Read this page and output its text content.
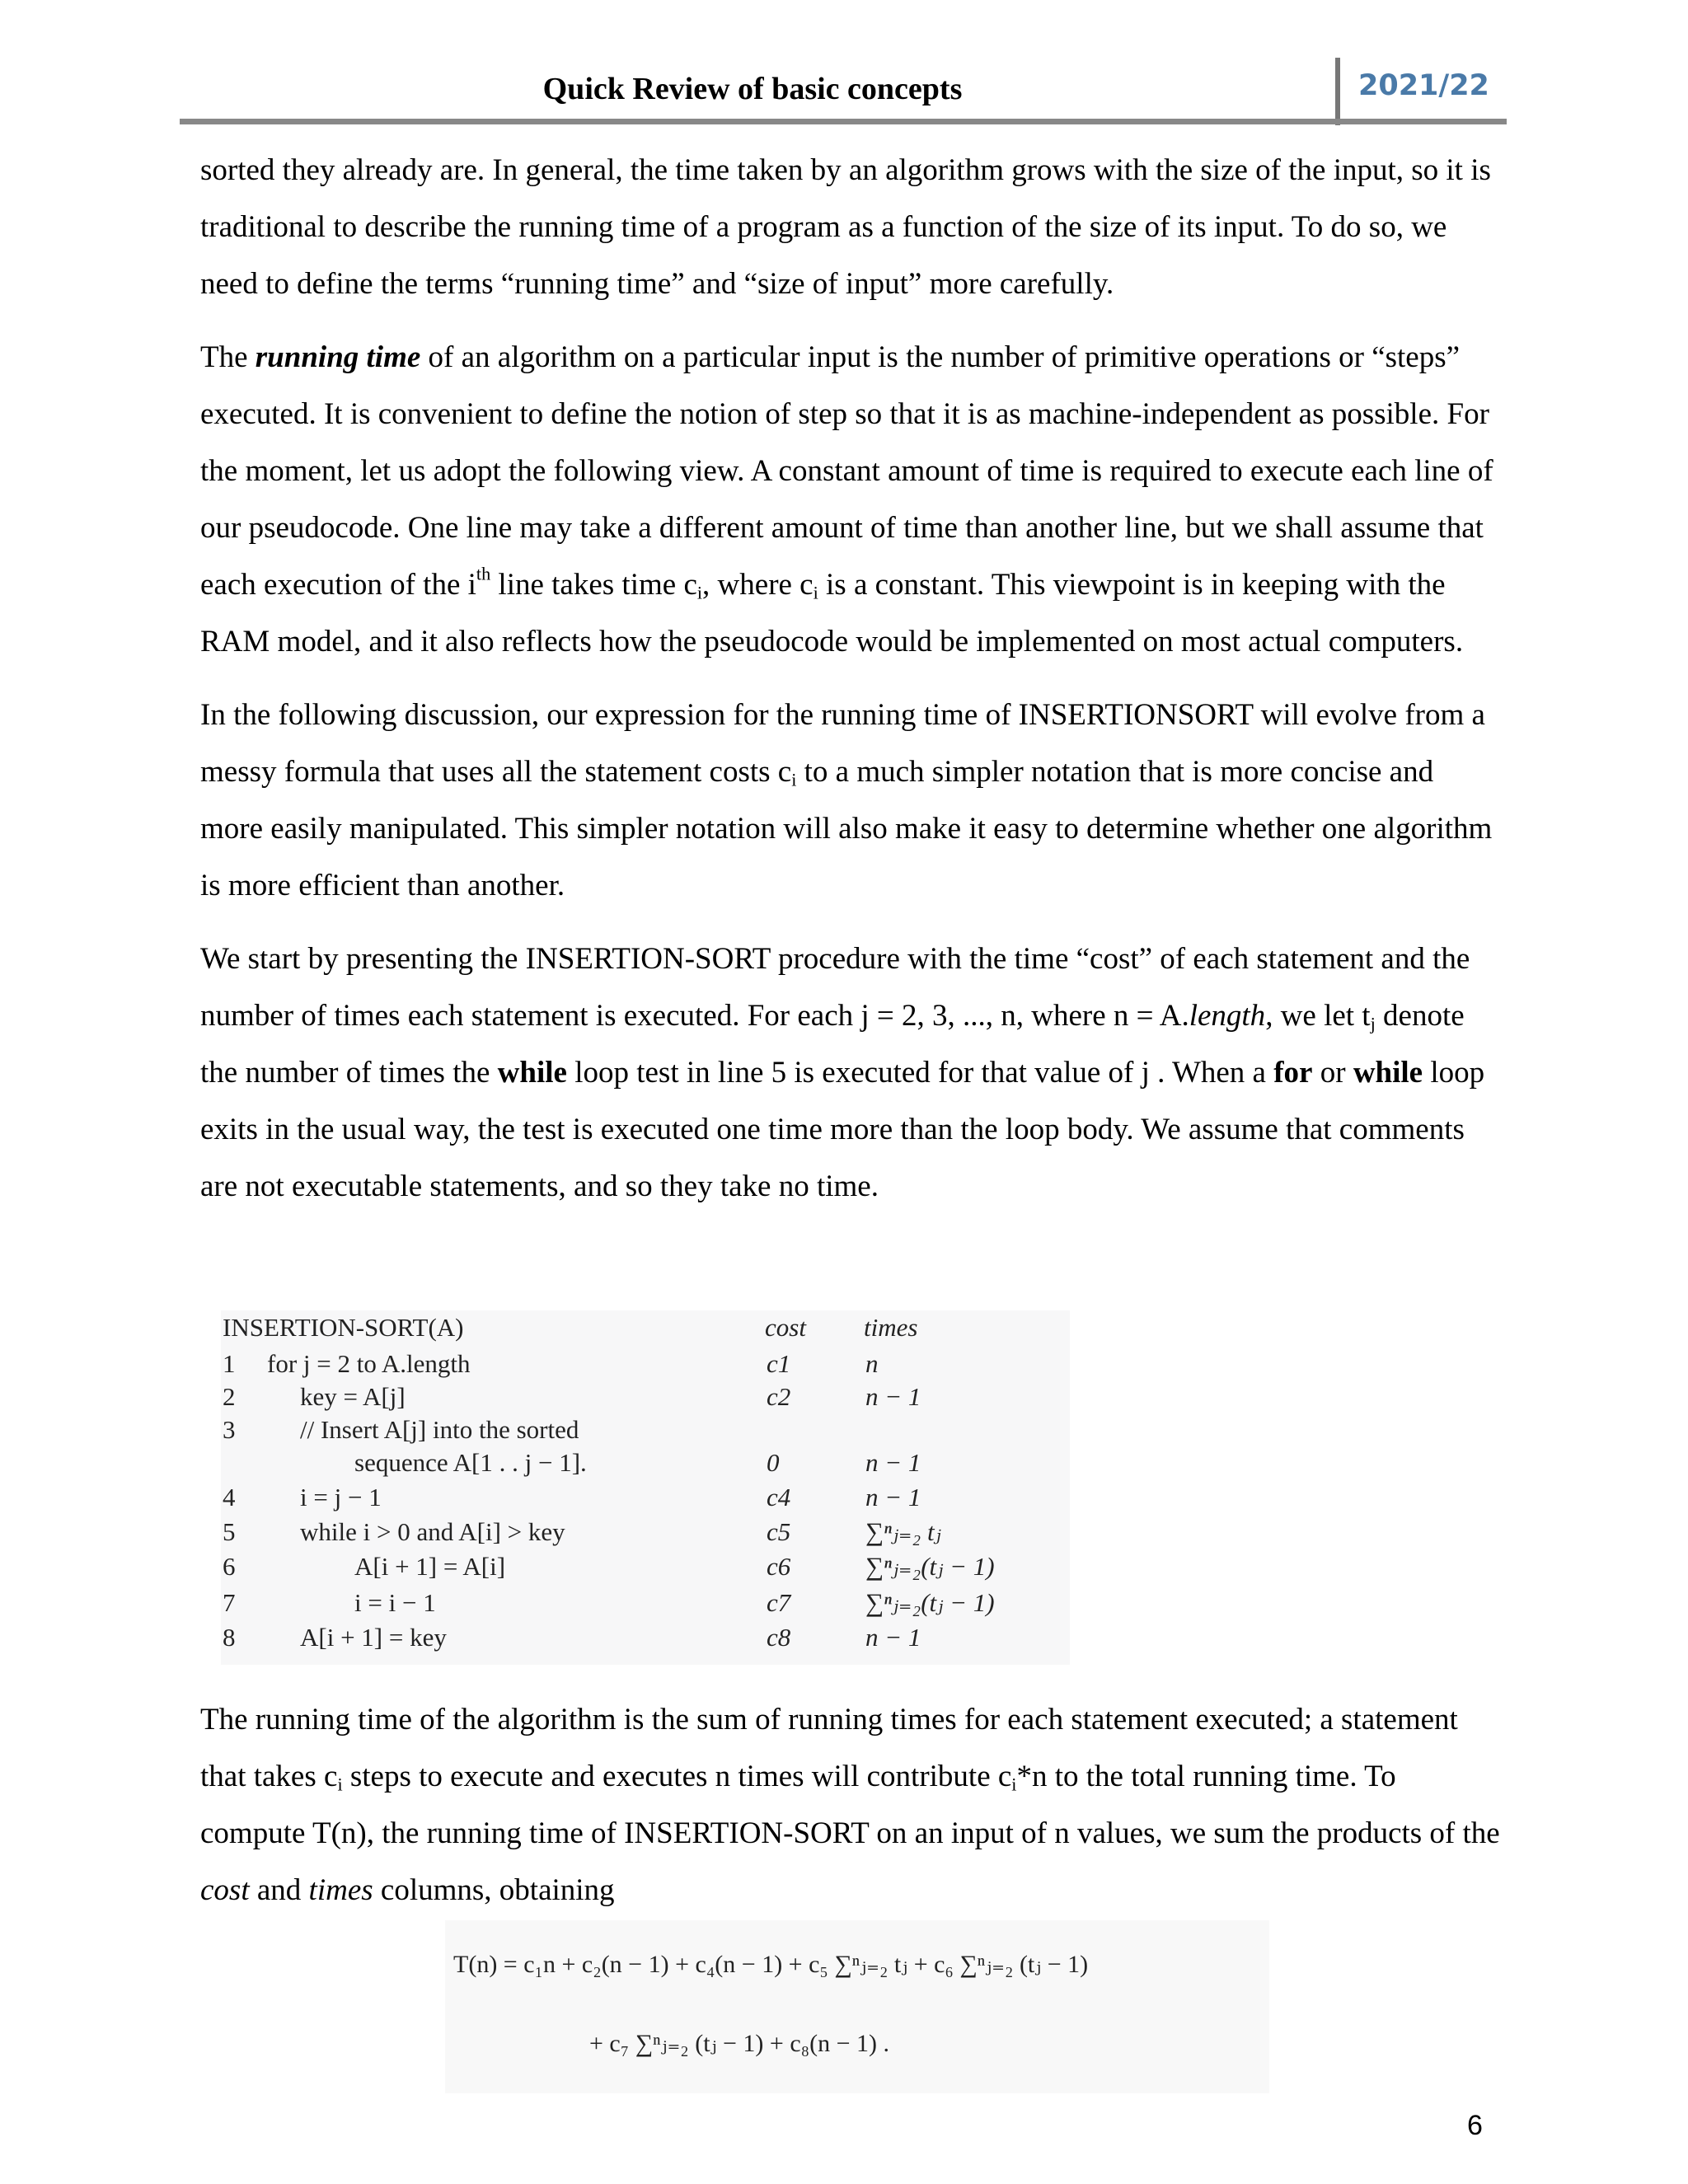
Quick Review of basic concepts	2021/22

sorted they already are. In general, the time taken by an algorithm grows with the size of the input, so it is traditional to describe the running time of a program as a function of the size of its input. To do so, we need to define the terms “running time” and “size of input” more carefully.

The running time of an algorithm on a particular input is the number of primitive operations or “steps” executed. It is convenient to define the notion of step so that it is as machine-independent as possible. For the moment, let us adopt the following view. A constant amount of time is required to execute each line of our pseudocode. One line may take a different amount of time than another line, but we shall assume that each execution of the $i^{th}$ line takes time $c_i$, where $c_i$ is a constant. This viewpoint is in keeping with the RAM model, and it also reflects how the pseudocode would be implemented on most actual computers.

In the following discussion, our expression for the running time of INSERTIONSORT will evolve from a messy formula that uses all the statement costs $c_i$ to a much simpler notation that is more concise and more easily manipulated. This simpler notation will also make it easy to determine whether one algorithm is more efficient than another.

We start by presenting the INSERTION-SORT procedure with the time “cost” of each statement and the number of times each statement is executed. For each j = 2, 3, ..., n, where n = A.length, we let $t_j$ denote the number of times the while loop test in line 5 is executed for that value of j . When a for or while loop exits in the usual way, the test is executed one time more than the loop body. We assume that comments are not executable statements, and so they take no time.

INSERTION-SORT(A)	cost times
1 for j = 2 to A.length	c1	n
2	key = A[j]	c2	n − 1
3	// Insert A[j] into the sorted
sequence A[1 . . j − 1].	0	n − 1
4	i = j − 1	c4	n − 1
5	while i > 0 and A[i] > key	c5	∑ⁿⱼ₌₂ tⱼ
6	A[i + 1] = A[i]	c6	∑ⁿⱼ₌₂(tⱼ − 1)
7	i = i − 1	c7	∑ⁿⱼ₌₂(tⱼ − 1)
8	A[i + 1] = key	c8	n − 1

The running time of the algorithm is the sum of running times for each statement executed; a statement that takes $c_i$ steps to execute and executes n times will contribute $c_i*n$ to the total running time. To compute T(n), the running time of INSERTION-SORT on an input of n values, we sum the products of the cost and times columns, obtaining

T(n) = c₁n + c₂(n − 1) + c₄(n − 1) + c₅ ∑ⁿⱼ₌₂ tⱼ + c₆ ∑ⁿⱼ₌₂ (tⱼ − 1)
+ c₇ ∑ⁿⱼ₌₂ (tⱼ − 1) + c₈(n − 1) .
6
